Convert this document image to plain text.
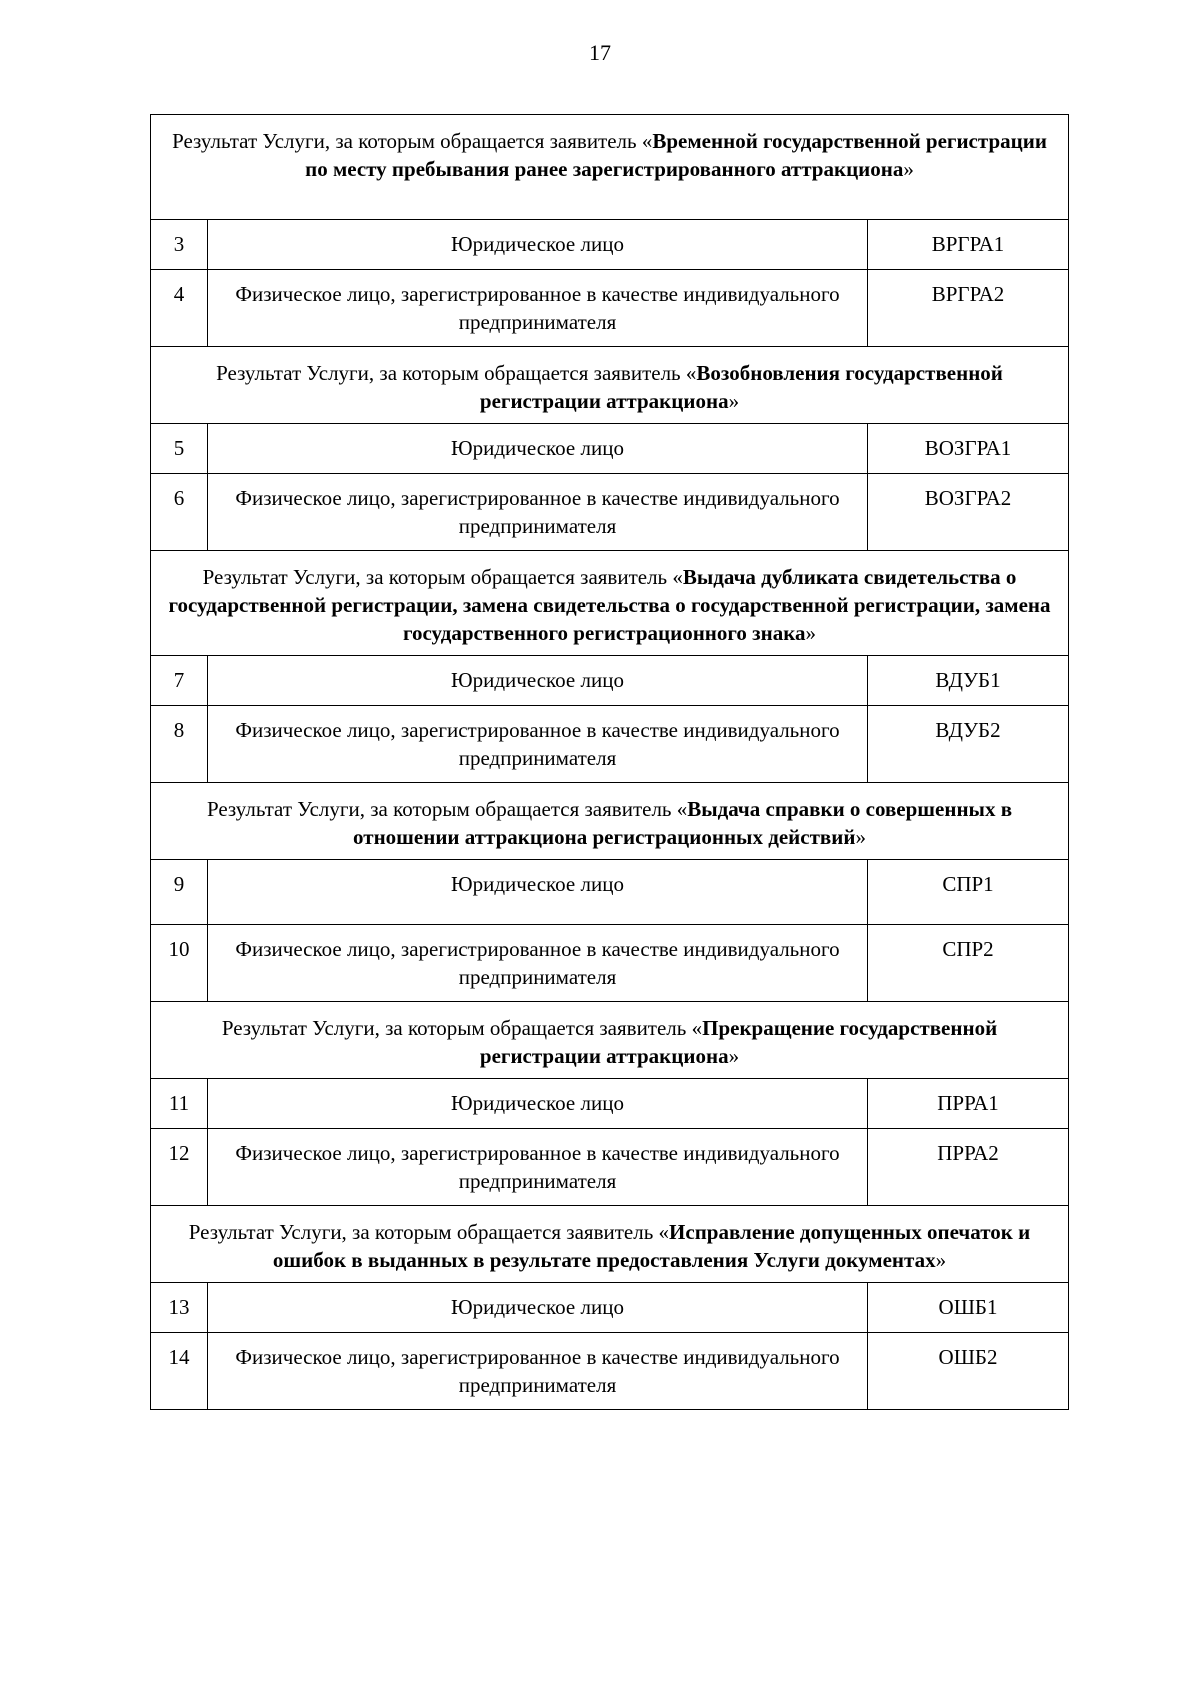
17
Результат Услуги, за которым обращается заявитель «Временной государственной регистрации по месту пребывания ранее зарегистрированного аттракциона»		
3	Юридическое лицо	ВРГРА1
4	Физическое лицо, зарегистрированное в качестве индивидуального предпринимателя	ВРГРА2
Результат Услуги, за которым обращается заявитель «Возобновления государственной регистрации аттракциона»		
5	Юридическое лицо	ВОЗГРА1
6	Физическое лицо, зарегистрированное в качестве индивидуального предпринимателя	ВОЗГРА2
Результат Услуги, за которым обращается заявитель «Выдача дубликата свидетельства о государственной регистрации, замена свидетельства о государственной регистрации, замена государственного регистрационного знака»		
7	Юридическое лицо	ВДУБ1
8	Физическое лицо, зарегистрированное в качестве индивидуального предпринимателя	ВДУБ2
Результат Услуги, за которым обращается заявитель «Выдача справки о совершенных в отношении аттракциона регистрационных действий»		
9	Юридическое лицо	СПР1
10	Физическое лицо, зарегистрированное в качестве индивидуального предпринимателя	СПР2
Результат Услуги, за которым обращается заявитель «Прекращение государственной регистрации аттракциона»		
11	Юридическое лицо	ПРРА1
12	Физическое лицо, зарегистрированное в качестве индивидуального предпринимателя	ПРРА2
Результат Услуги, за которым обращается заявитель «Исправление допущенных опечаток и ошибок в выданных в результате предоставления Услуги документах»		
13	Юридическое лицо	ОШБ1
14	Физическое лицо, зарегистрированное в качестве индивидуального предпринимателя	ОШБ2
